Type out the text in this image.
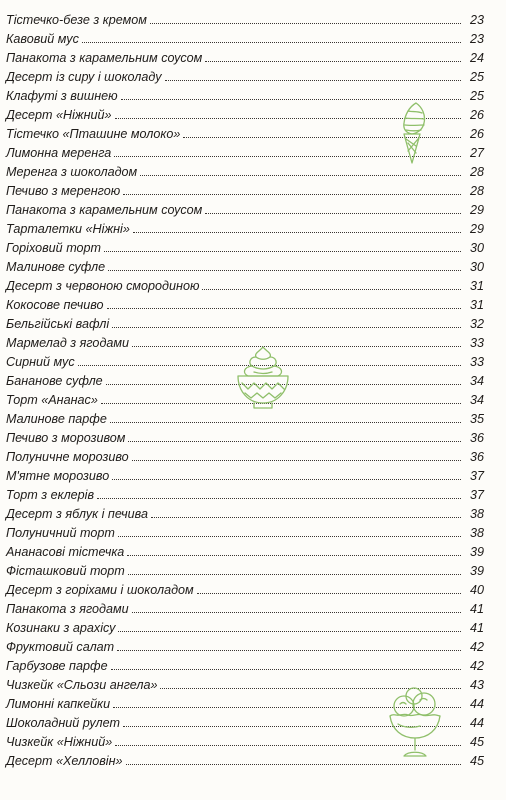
Тістечко-безе з кремом	23
Кавовий мус	23
Панакота з карамельним соусом	24
Десерт із сиру і шоколаду	25
Клафуті з вишнею	25
Десерт «Ніжний»	26
Тістечко «Пташине молоко»	26
Лимонна меренга	27
Меренга з шоколадом	28
Печиво з меренгою	28
Панакота з карамельним соусом	29
Тарталетки «Ніжні»	29
Горіховий торт	30
Малинове суфле	30
Десерт з червоною смородиною	31
Кокосове печиво	31
Бельгійські вафлі	32
Мармелад з ягодами	33
Сирний мус	33
Бананове суфле	34
Торт «Ананас»	34
Малинове парфе	35
Печиво з морозивом	36
Полуничне морозиво	36
М'ятне морозиво	37
Торт з еклерів	37
Десерт з яблук і печива	38
Полуничний торт	38
Ананасові тістечка	39
Фісташковий торт	39
Десерт з горіхами і шоколадом	40
Панакота з ягодами	41
Козинаки з арахісу	41
Фруктовий салат	42
Гарбузове парфе	42
Чизкейк «Сльози ангела»	43
Лимонні капкейки	44
Шоколадний рулет	44
Чизкейк «Ніжний»	45
Десерт «Хелловін»	45
